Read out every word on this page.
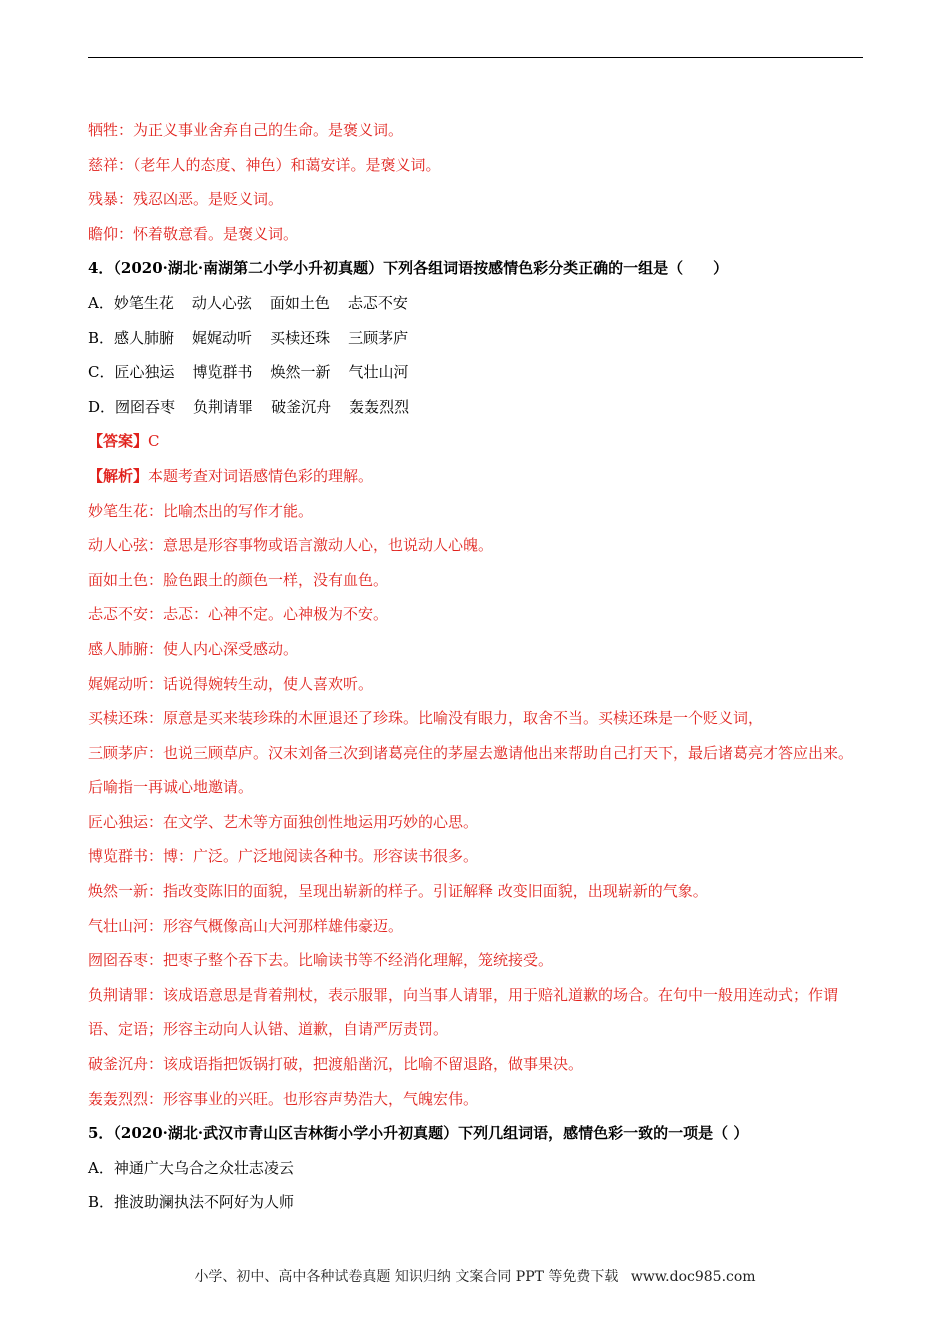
牺牲：为正义事业舍弃自己的生命。是褒义词。
慈祥：（老年人的态度、神色）和蔼安详。是褒义词。
残暴：残忍凶恶。是贬义词。
瞻仰：怀着敬意看。是褒义词。
4．（2020·湖北·南湖第二小学小升初真题）下列各组词语按感情色彩分类正确的一组是（　　）
A．妙笔生花 动人心弦 面如土色 忐忑不安
B．感人肺腑 娓娓动听 买椟还珠 三顾茅庐
C．匠心独运 博览群书 焕然一新 气壮山河
D．囫囵吞枣 负荆请罪 破釜沉舟 轰轰烈烈
【答案】C
【解析】本题考查对词语感情色彩的理解。
妙笔生花：比喻杰出的写作才能。
动人心弦：意思是形容事物或语言激动人心，也说动人心魄。
面如土色：脸色跟土的颜色一样，没有血色。
忐忑不安：忐忑：心神不定。心神极为不安。
感人肺腑：使人内心深受感动。
娓娓动听：话说得婉转生动，使人喜欢听。
买椟还珠：原意是买来装珍珠的木匣退还了珍珠。比喻没有眼力，取舍不当。买椟还珠是一个贬义词，
三顾茅庐：也说三顾草庐。汉末刘备三次到诸葛亮住的茅屋去邀请他出来帮助自己打天下，最后诸葛亮才答应出来。后喻指一再诚心地邀请。
匠心独运：在文学、艺术等方面独创性地运用巧妙的心思。
博览群书：博：广泛。广泛地阅读各种书。形容读书很多。
焕然一新：指改变陈旧的面貌，呈现出崭新的样子。引证解释 改变旧面貌，出现崭新的气象。
气壮山河：形容气概像高山大河那样雄伟豪迈。
囫囵吞枣：把枣子整个吞下去。比喻读书等不经消化理解，笼统接受。
负荆请罪：该成语意思是背着荆杖，表示服罪，向当事人请罪，用于赔礼道歉的场合。在句中一般用连动式；作谓语、定语；形容主动向人认错、道歉，自请严厉责罚。
破釜沉舟：该成语指把饭锅打破，把渡船凿沉，比喻不留退路，做事果决。
轰轰烈烈：形容事业的兴旺。也形容声势浩大，气魄宏伟。
5．（2020·湖北·武汉市青山区吉林街小学小升初真题）下列几组词语，感情色彩一致的一项是（ ）
A．神通广大乌合之众壮志凌云
B．推波助澜执法不阿好为人师
小学、初中、高中各种试卷真题 知识归纳 文案合同 PPT 等免费下载 www.doc985.com
